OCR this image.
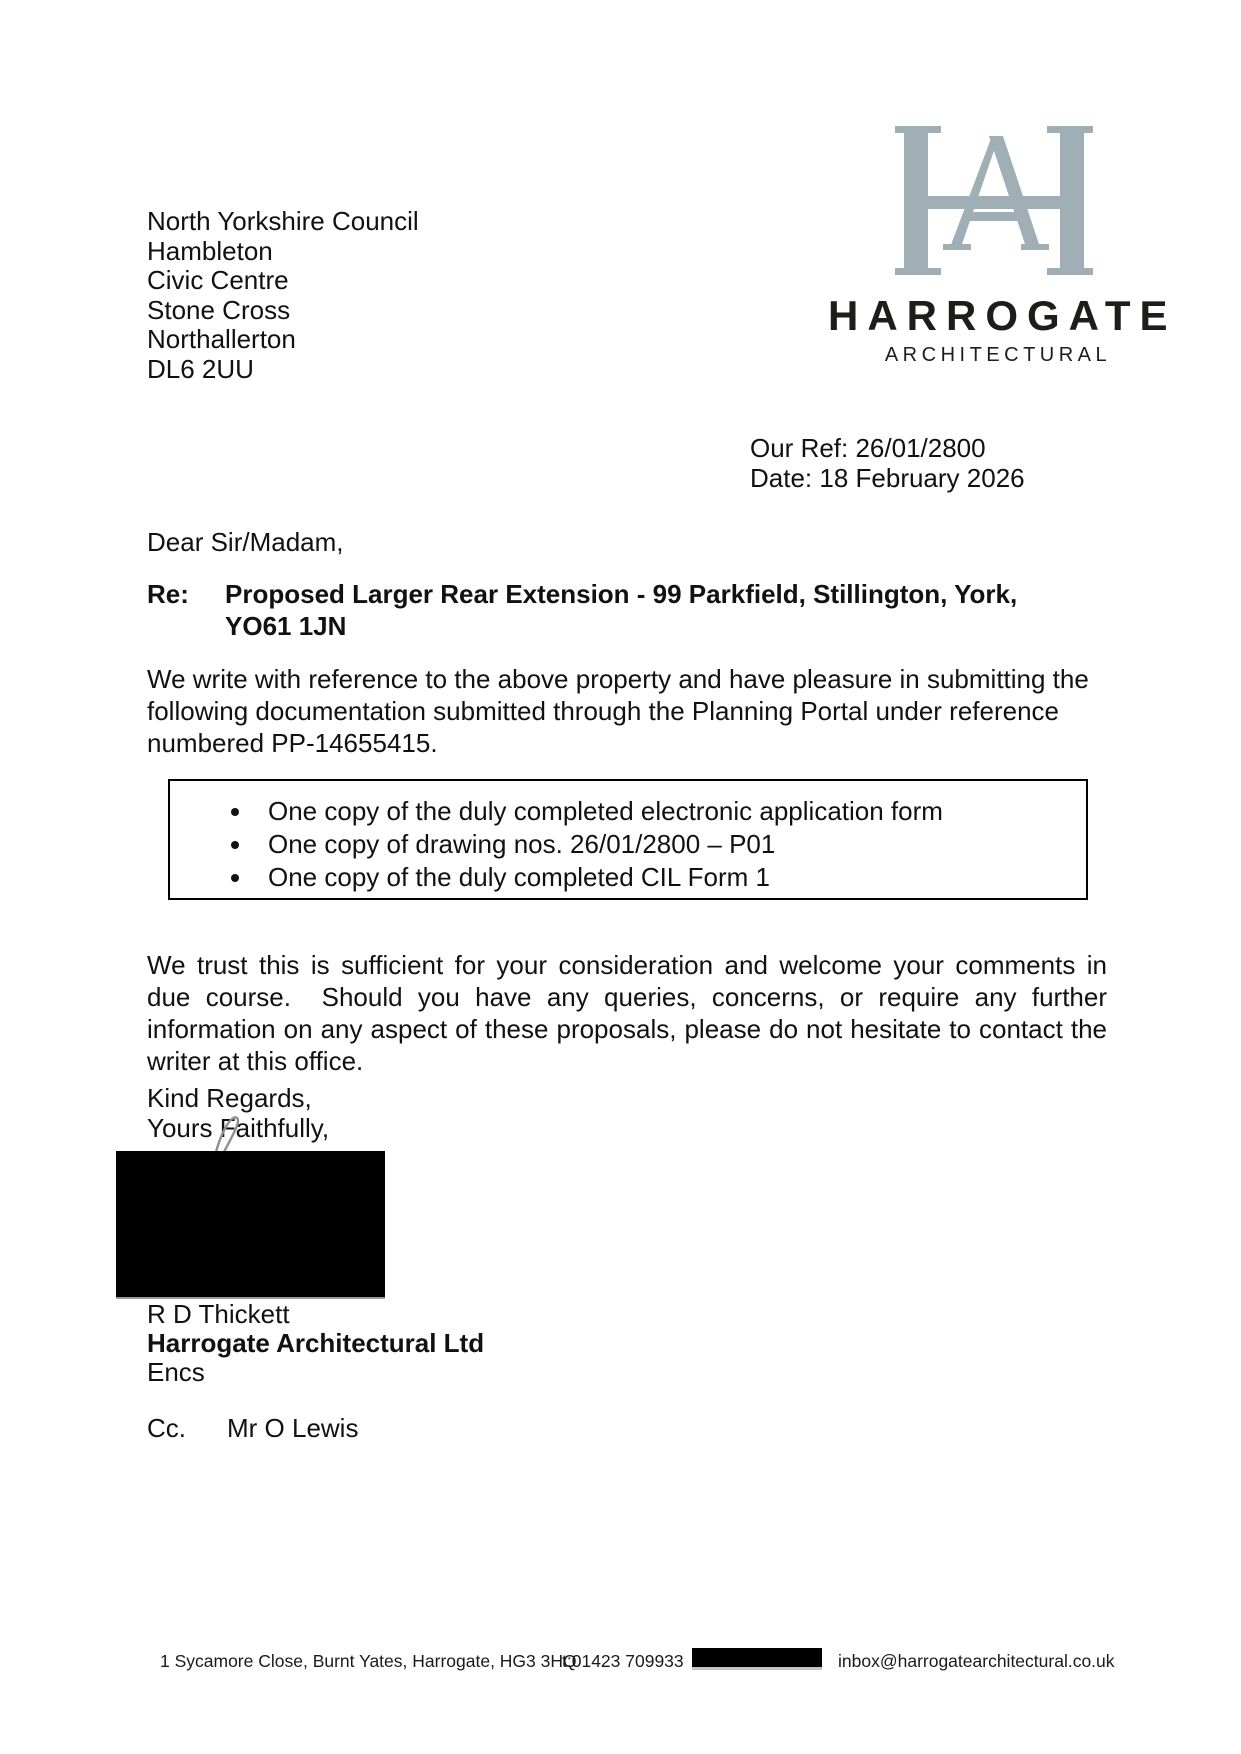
North Yorkshire Council
Hambleton
Civic Centre
Stone Cross
Northallerton
DL6 2UU
HARROGATE
ARCHITECTURAL
Our Ref: 26/01/2800
Date: 18 February 2026
Dear Sir/Madam,
Re: Proposed Larger Rear Extension - 99 Parkfield, Stillington, York,
YO61 1JN
We write with reference to the above property and have pleasure in submitting the following documentation submitted through the Planning Portal under reference numbered PP-14655415.
• One copy of the duly completed electronic application form
• One copy of drawing nos. 26/01/2800 – P01
• One copy of the duly completed CIL Form 1
We trust this is sufficient for your consideration and welcome your comments in due course.  Should you have any queries, concerns, or require any further information on any aspect of these proposals, please do not hesitate to contact the writer at this office.
Kind Regards,
Yours Faithfully,
R D Thickett
Harrogate Architectural Ltd
Encs
Cc. Mr O Lewis
1 Sycamore Close, Burnt Yates, Harrogate, HG3 3HQ
t:01423 709933	inbox@harrogatearchitectural.co.uk
